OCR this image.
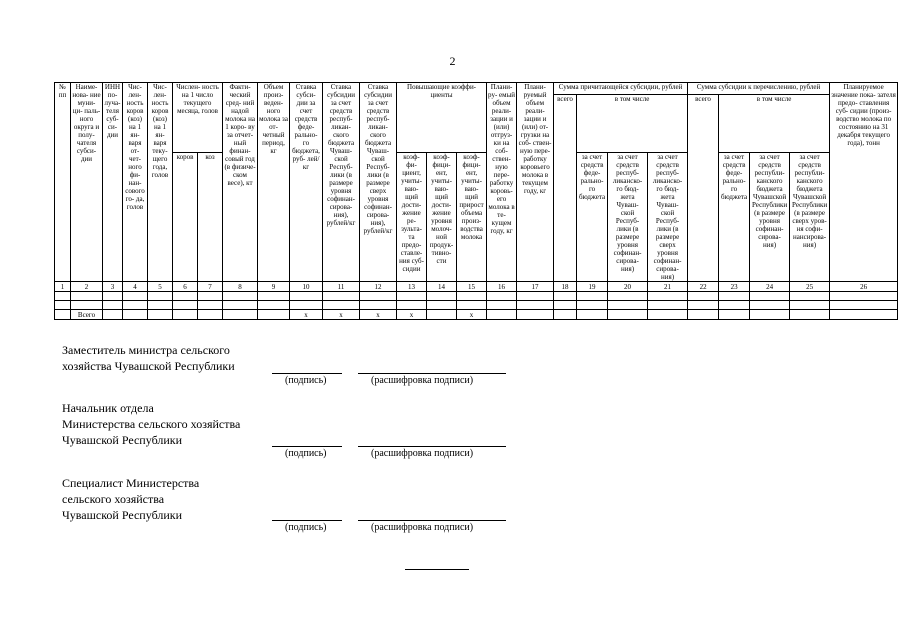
2
№ пп	Наиме- нова- ние муни- ци- паль- ного округа и полу- чателя субси- дии	ИНН по- луча- теля суб- си- дии	Чис- лен- ность коров (коз) на 1 ян- варя от- чет- ного фи- нан- сового го- да, голов	Чис- лен- ность коров (коз) на 1 ян- варя теку- щего года, голов	Числен- ность на 1 число текущего месяца, голов		Факти- ческий сред- ний надой молока на 1 коро- ву за отчет- ный финан- совый год (в физиче- ском весе), кт	Объем произ- веден- ного молока за от- четный период, кг	Ставка субси- дии за счет средств феде- рально- го бюджета, руб- лей/кг	Ставка субсидии за счет средств респуб- ликан- ского бюджета Чуваш- ской Респуб- лики (в размере уровня софинан- сирова- ния), рублей/кг	Ставка субсидии за счет средств респуб- ликан- ского бюджета Чуваш- ской Респуб- лики (в размере сверх уровня софинан- сирова- ния), рублей/кг	Повышающие коэффи- циенты			Плани- ру- емый объем реали- зации и (или) отгруз- ки на соб- ствен- ную пере- работку коровь- его молока в те- кущем году, кг	Плани- руемый объем реали- зации и (или) от- грузки на соб- ствен- ную пере- работку коровьего молока в текущем году, кг	Сумма причитающейся субсидии, рублей				Сумма субсидии к перечислению, рублей				Планируемое значение пока- зателя предо- ставления суб- сидии (произ- водство молока по состоянию на 31 декабря текущего года), тонн
																	всего	в том числе			всего	в том числе			
					коров	коз						коэф- фи- циент, учиты- ваю- щий дости- жение ре- зульта- та предо- ставле- ния суб- сидии	коэф- фици- ент, учиты- ваю- щий дости- жение уровня молоч- ной продук- тивно- сти	коэф- фици- ент, учиты- ваю- щий прирост объема произ- водства молока				за счет средств феде- рально- го бюджета	за счет средств респуб- ликанско- го бюд- жета Чуваш- ской Респуб- лики (в размере уровня софинан- сирова- ния)	за счет средств респуб- ликанско- го бюд- жета Чуваш- ской Респуб- лики (в размере сверх уровня софинан- сирова- ния)		за счет средств феде- рально- го бюджета	за счет средств республи- канского бюджета Чувашской Республики (в размере уровня софинан- сирова- ния)	за счет средств республи- канского бюджета Чувашской Республики (в размере сверх уров- ня софи- нансирова- ния)	
1	2	3	4	5	6	7	8	9	10	11	12	13	14	15	16	17	18	19	20	21	22	23	24	25	26

	Всего								х	х	х	х		х											
Заместитель министра сельского
хозяйства Чувашской Республики
(подпись)	(расшифровка подписи)
Начальник отдела
Министерства сельского хозяйства
Чувашской Республики
(подпись)	(расшифровка подписи)
Специалист Министерства
сельского хозяйства
Чувашской Республики
(подпись)	(расшифровка подписи)
